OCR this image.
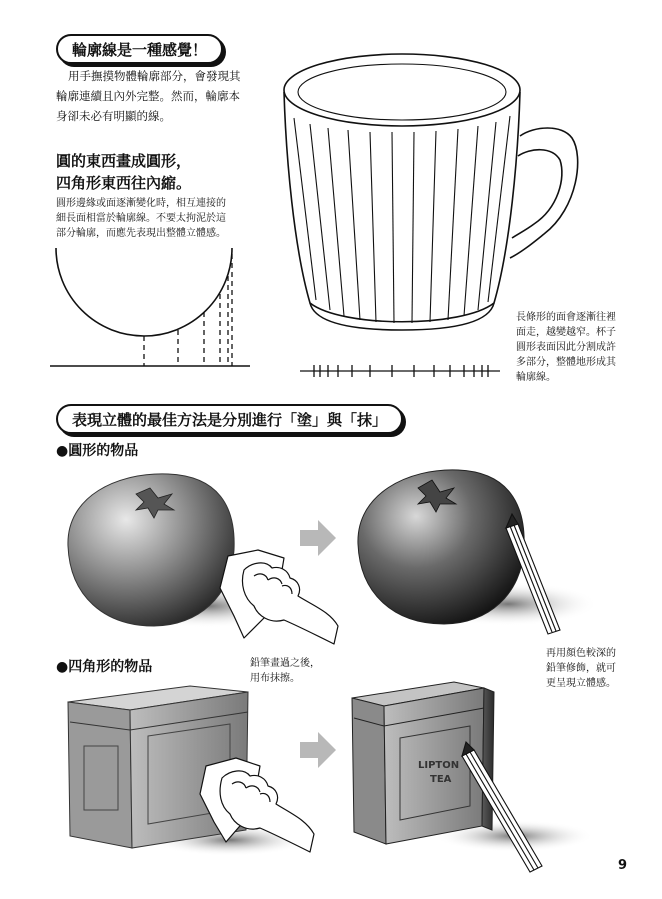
輪廓線是一種感覺！
用手撫摸物體輪廓部分，會發現其
輪廓連續且內外完整。然而，輪廓本
身卻未必有明顯的線。
圓的東西畫成圓形，
四角形東西往內縮。
圓形邊緣或面逐漸變化時，相互連接的
細長面相當於輪廓線。不要太拘泥於這
部分輪廓，而應先表現出整體立體感。
長條形的面會逐漸往裡
面走，越變越窄。杯子
圓形表面因此分割成許
多部分，整體地形成其
輪廓線。
表現立體的最佳方法是分別進行「塗」與「抹」
●圓形的物品
再用顏色較深的
鉛筆修飾，就可
更呈現立體感。
●四角形的物品	鉛筆畫過之後，
用布抹擦。
LIPTON
TEA
9
